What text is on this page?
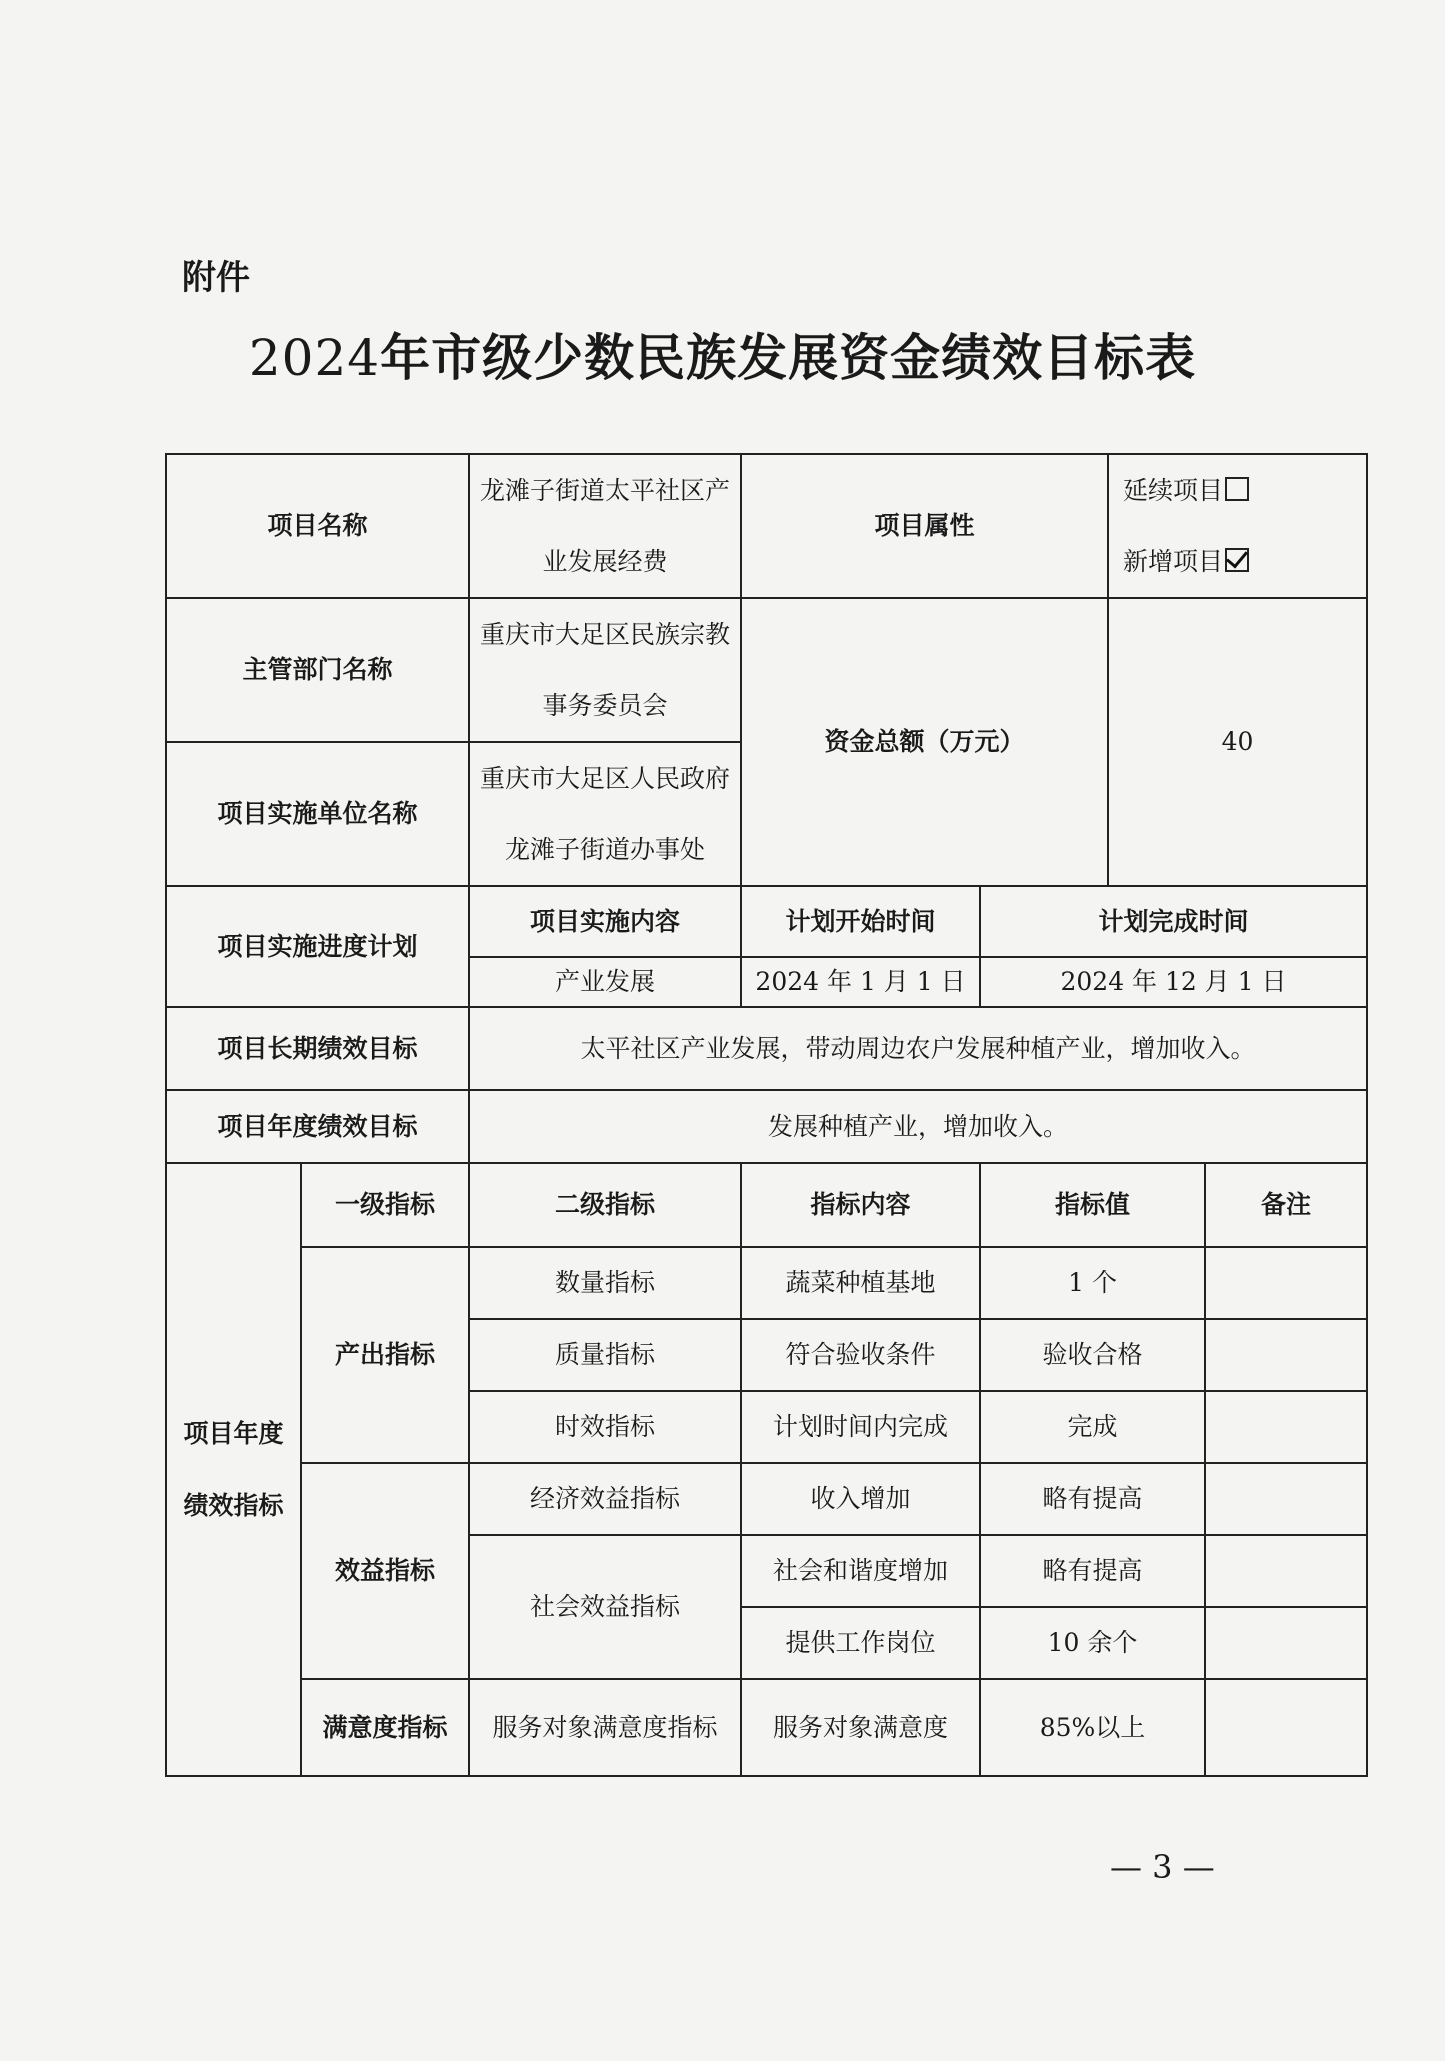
附件
2024年市级少数民族发展资金绩效目标表
项目名称		龙滩子街道太平社区产
业发展经费	项目属性		延续项目
新增项目	

主管部门名称		重庆市大足区民族宗教
事务委员会	资金总额（万元）		40	
项目实施单位名称		重庆市大足区人民政府
龙滩子街道办事处				

项目实施进度计划		项目实施内容	计划开始时间	计划完成时间		
		产业发展	2024 年 1 月 1 日	2024 年 12 月 1 日		
项目长期绩效目标		太平社区产业发展，带动周边农户发展种植产业，增加收入。				
项目年度绩效目标		发展种植产业，增加收入。				

项目年度
绩效指标	一级指标	二级指标	指标内容	指标值		备注
	产出指标	数量指标	蔬菜种植基地	1 个		
		质量指标	符合验收条件	验收合格		
		时效指标	计划时间内完成	完成		
	效益指标	经济效益指标	收入增加	略有提高		
		社会效益指标	社会和谐度增加	略有提高		
			提供工作岗位	10 余个		
	满意度指标	服务对象满意度指标	服务对象满意度	85%以上		
— 3 —
